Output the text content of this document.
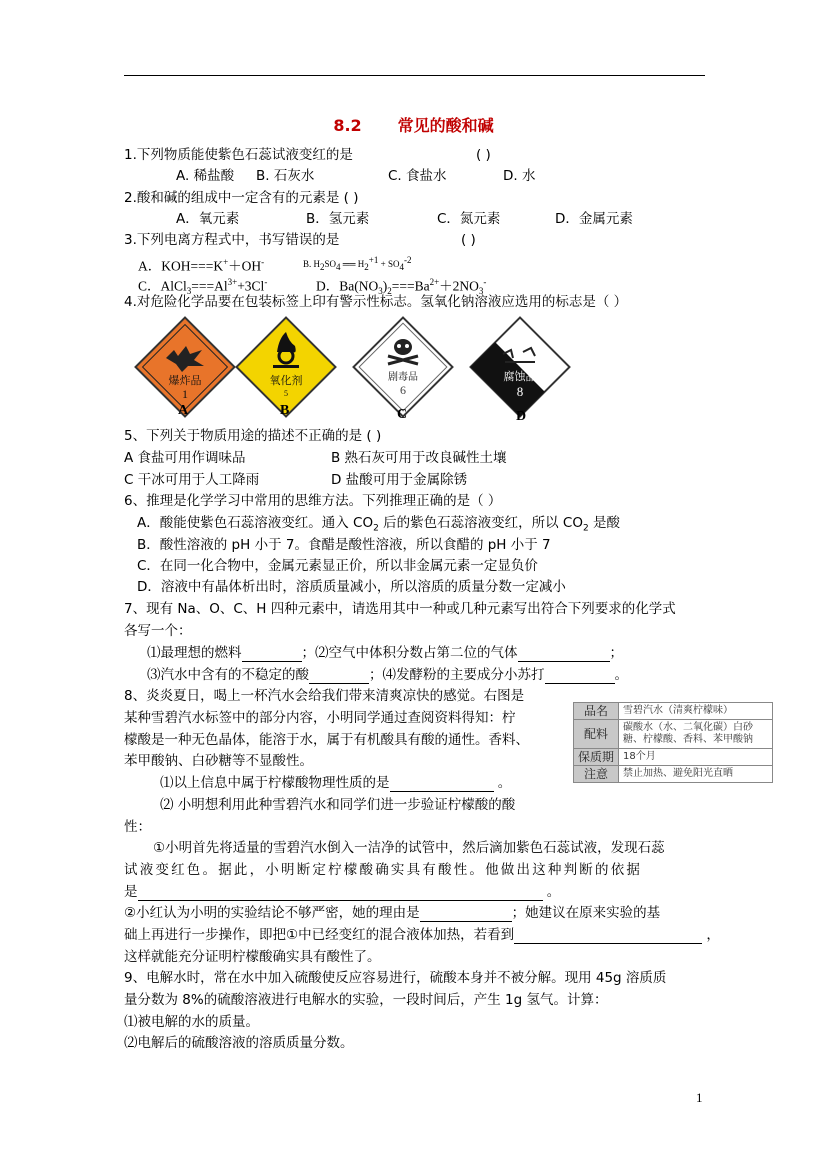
8.2 常见的酸和碱
1.下列物质能使紫色石蕊试液变红的是	( )
A. 稀盐酸 B. 石灰水	C. 食盐水	D. 水
2.酸和碱的组成中一定含有的元素是 ( )
A．氧元素	B．氢元素	C．氮元素	D．金属元素
3.下列电离方程式中，书写错误的是	( )
A．KOH===K+＋OH-	B. H2SO4 ══ H2+1 + SO4-2
C．$AlCl_3===Al^{3+}+3Cl^-$	D．$Ba(NO_3)_2===Ba^{2+}+2NO_3^-$
4.对危险化学品要在包装标签上印有警示性标志。氢氧化钠溶液应选用的标志是（ ）
爆炸品
1
A
氧化剂
5
B
剧毒品
6
C
腐蚀品
8
D
5、下列关于物质用途的描述不正确的是 ( )
A 食盐可用作调味品	B 熟石灰可用于改良碱性土壤
C 干冰可用于人工降雨	D 盐酸可用于金属除锈
6、推理是化学学习中常用的思维方法。下列推理正确的是（ ）
A．酸能使紫色石蕊溶液变红。通入 $CO_2$ 后的紫色石蕊溶液变红，所以 $CO_2$ 是酸
B．酸性溶液的 pH 小于 7。食醋是酸性溶液，所以食醋的 pH 小于 7
C．在同一化合物中，金属元素显正价，所以非金属元素一定显负价
D．溶液中有晶体析出时，溶质质量减小，所以溶质的质量分数一定减小
7、现有 Na、O、C、H 四种元素中，请选用其中一种或几种元素写出符合下列要求的化学式
各写一个：
⑴最理想的燃料	；⑵空气中体积分数占第二位的气体	；
⑶汽水中含有的不稳定的酸	；⑷发酵粉的主要成分小苏打	。
8、炎炎夏日，喝上一杯汽水会给我们带来清爽凉快的感觉。右图是
某种雪碧汽水标签中的部分内容，小明同学通过查阅资料得知：柠
檬酸是一种无色晶体，能溶于水，属于有机酸具有酸的通性。香料、
苯甲酸钠、白砂糖等不显酸性。
⑴以上信息中属于柠檬酸物理性质的是	。
⑵ 小明想利用此种雪碧汽水和同学们进一步验证柠檬酸的酸
性：
品名	雪碧汽水（清爽柠檬味）
配料	碳酸水（水、二氧化碳）白砂糖、柠檬酸、香料、苯甲酸钠
保质期	18个月
注意	禁止加热、避免阳光直晒
①小明首先将适量的雪碧汽水倒入一洁净的试管中，然后滴加紫色石蕊试液，发现石蕊
试液变红色。据此，小明断定柠檬酸确实具有酸性。他做出这种判断的依据
是	。
②小红认为小明的实验结论不够严密，她的理由是	；她建议在原来实验的基
础上再进行一步操作，即把①中已经变红的混合液体加热，若看到	，
这样就能充分证明柠檬酸确实具有酸性了。
9、电解水时，常在水中加入硫酸使反应容易进行，硫酸本身并不被分解。现用 45g 溶质质
量分数为 8%的硫酸溶液进行电解水的实验，一段时间后，产生 1g 氢气。计算：
⑴被电解的水的质量。
⑵电解后的硫酸溶液的溶质质量分数。
1
